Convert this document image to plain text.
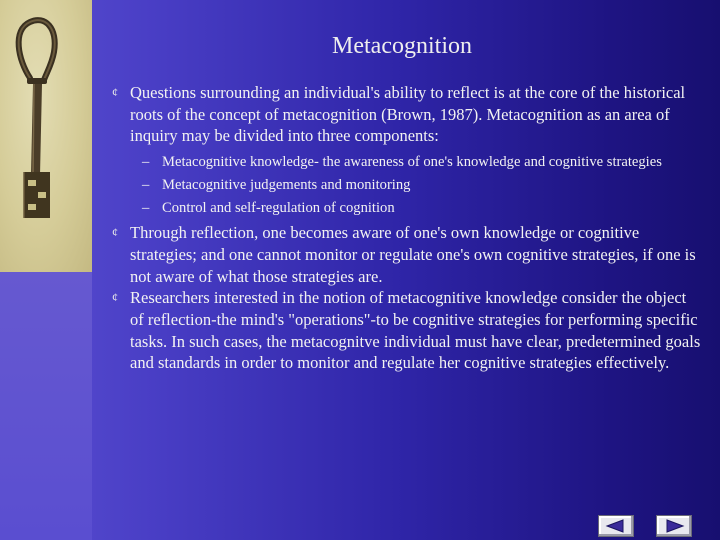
Metacognition
¢ Questions surrounding an individual's ability to reflect is at the core of the historical roots of the concept of metacognition (Brown, 1987). Metacognition as an area of inquiry may be divided into three components:
– Metacognitive knowledge- the awareness of one's knowledge and cognitive strategies
– Metacognitive judgements and monitoring
– Control and self-regulation of cognition
¢ Through reflection, one becomes aware of one's own knowledge or cognitive strategies; and one cannot monitor or regulate one's own cognitive strategies, if one is not aware of what those strategies are.
¢ Researchers interested in the notion of metacognitive knowledge consider the object of reflection-the mind's "operations"-to be cognitive strategies for performing specific tasks. In such cases, the metacognitve individual must have clear, predetermined goals and standards in order to monitor and regulate her cognitive strategies effectively.
